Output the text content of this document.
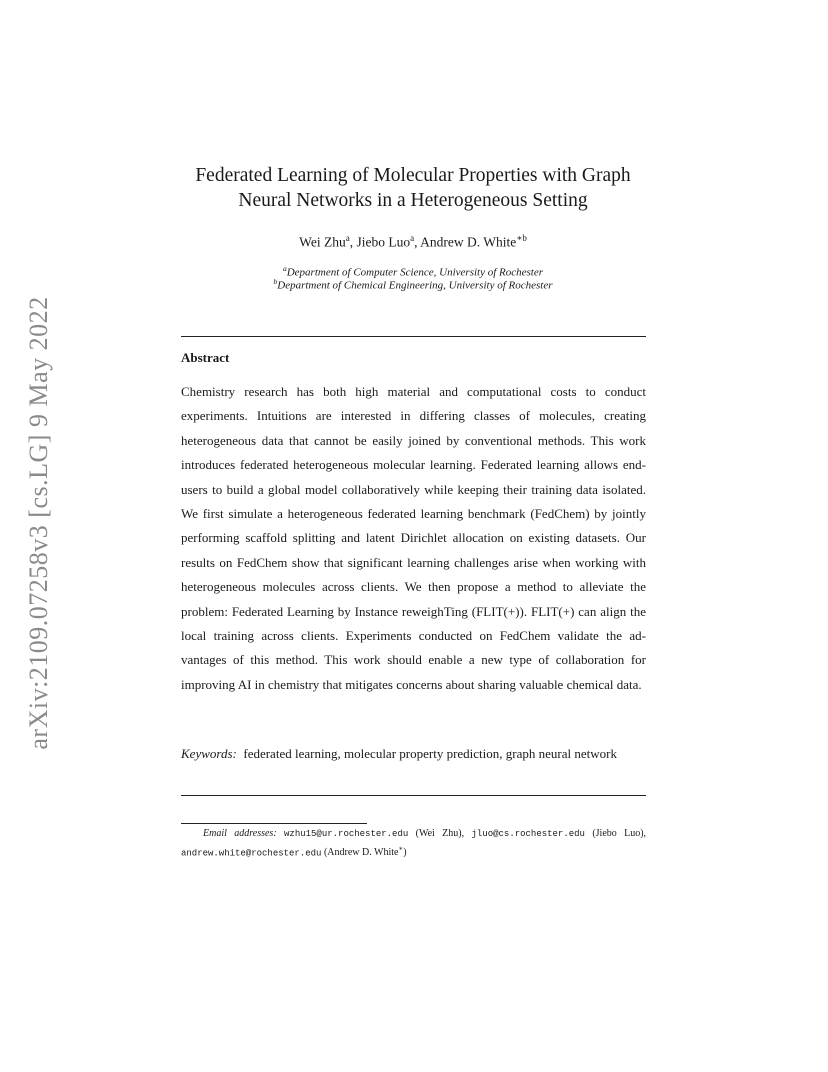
arXiv:2109.07258v3 [cs.LG] 9 May 2022
Federated Learning of Molecular Properties with Graph
Neural Networks in a Heterogeneous Setting
Wei Zhu$^a$, Jiebo Luo$^a$, Andrew D. White$^{∗b}$
$^a$Department of Computer Science, University of Rochester
$^b$Department of Chemical Engineering, University of Rochester
Abstract
Chemistry research has both high material and computational costs to conduct experiments. Intuitions are interested in differing classes of molecules, creating heterogeneous data that cannot be easily joined by conventional methods. This work introduces federated heterogeneous molecular learning. Federated learning allows end-users to build a global model collaboratively while keeping their training data isolated. We first simulate a heterogeneous federated learning benchmark (FedChem) by jointly performing scaffold splitting and latent Dirichlet allocation on existing datasets. Our results on FedChem show that significant learning challenges arise when working with heterogeneous molecules across clients. We then propose a method to alleviate the problem: Federated Learning by Instance reweighTing (FLIT(+)). FLIT(+) can align the local training across clients. Experiments conducted on FedChem validate the advantages of this method. This work should enable a new type of collaboration for improving AI in chemistry that mitigates concerns about sharing valuable chemical data.
Keywords: federated learning, molecular property prediction, graph neural network
Email addresses: wzhu15@ur.rochester.edu (Wei Zhu), jluo@cs.rochester.edu (Jiebo Luo), andrew.white@rochester.edu (Andrew D. White∗)
